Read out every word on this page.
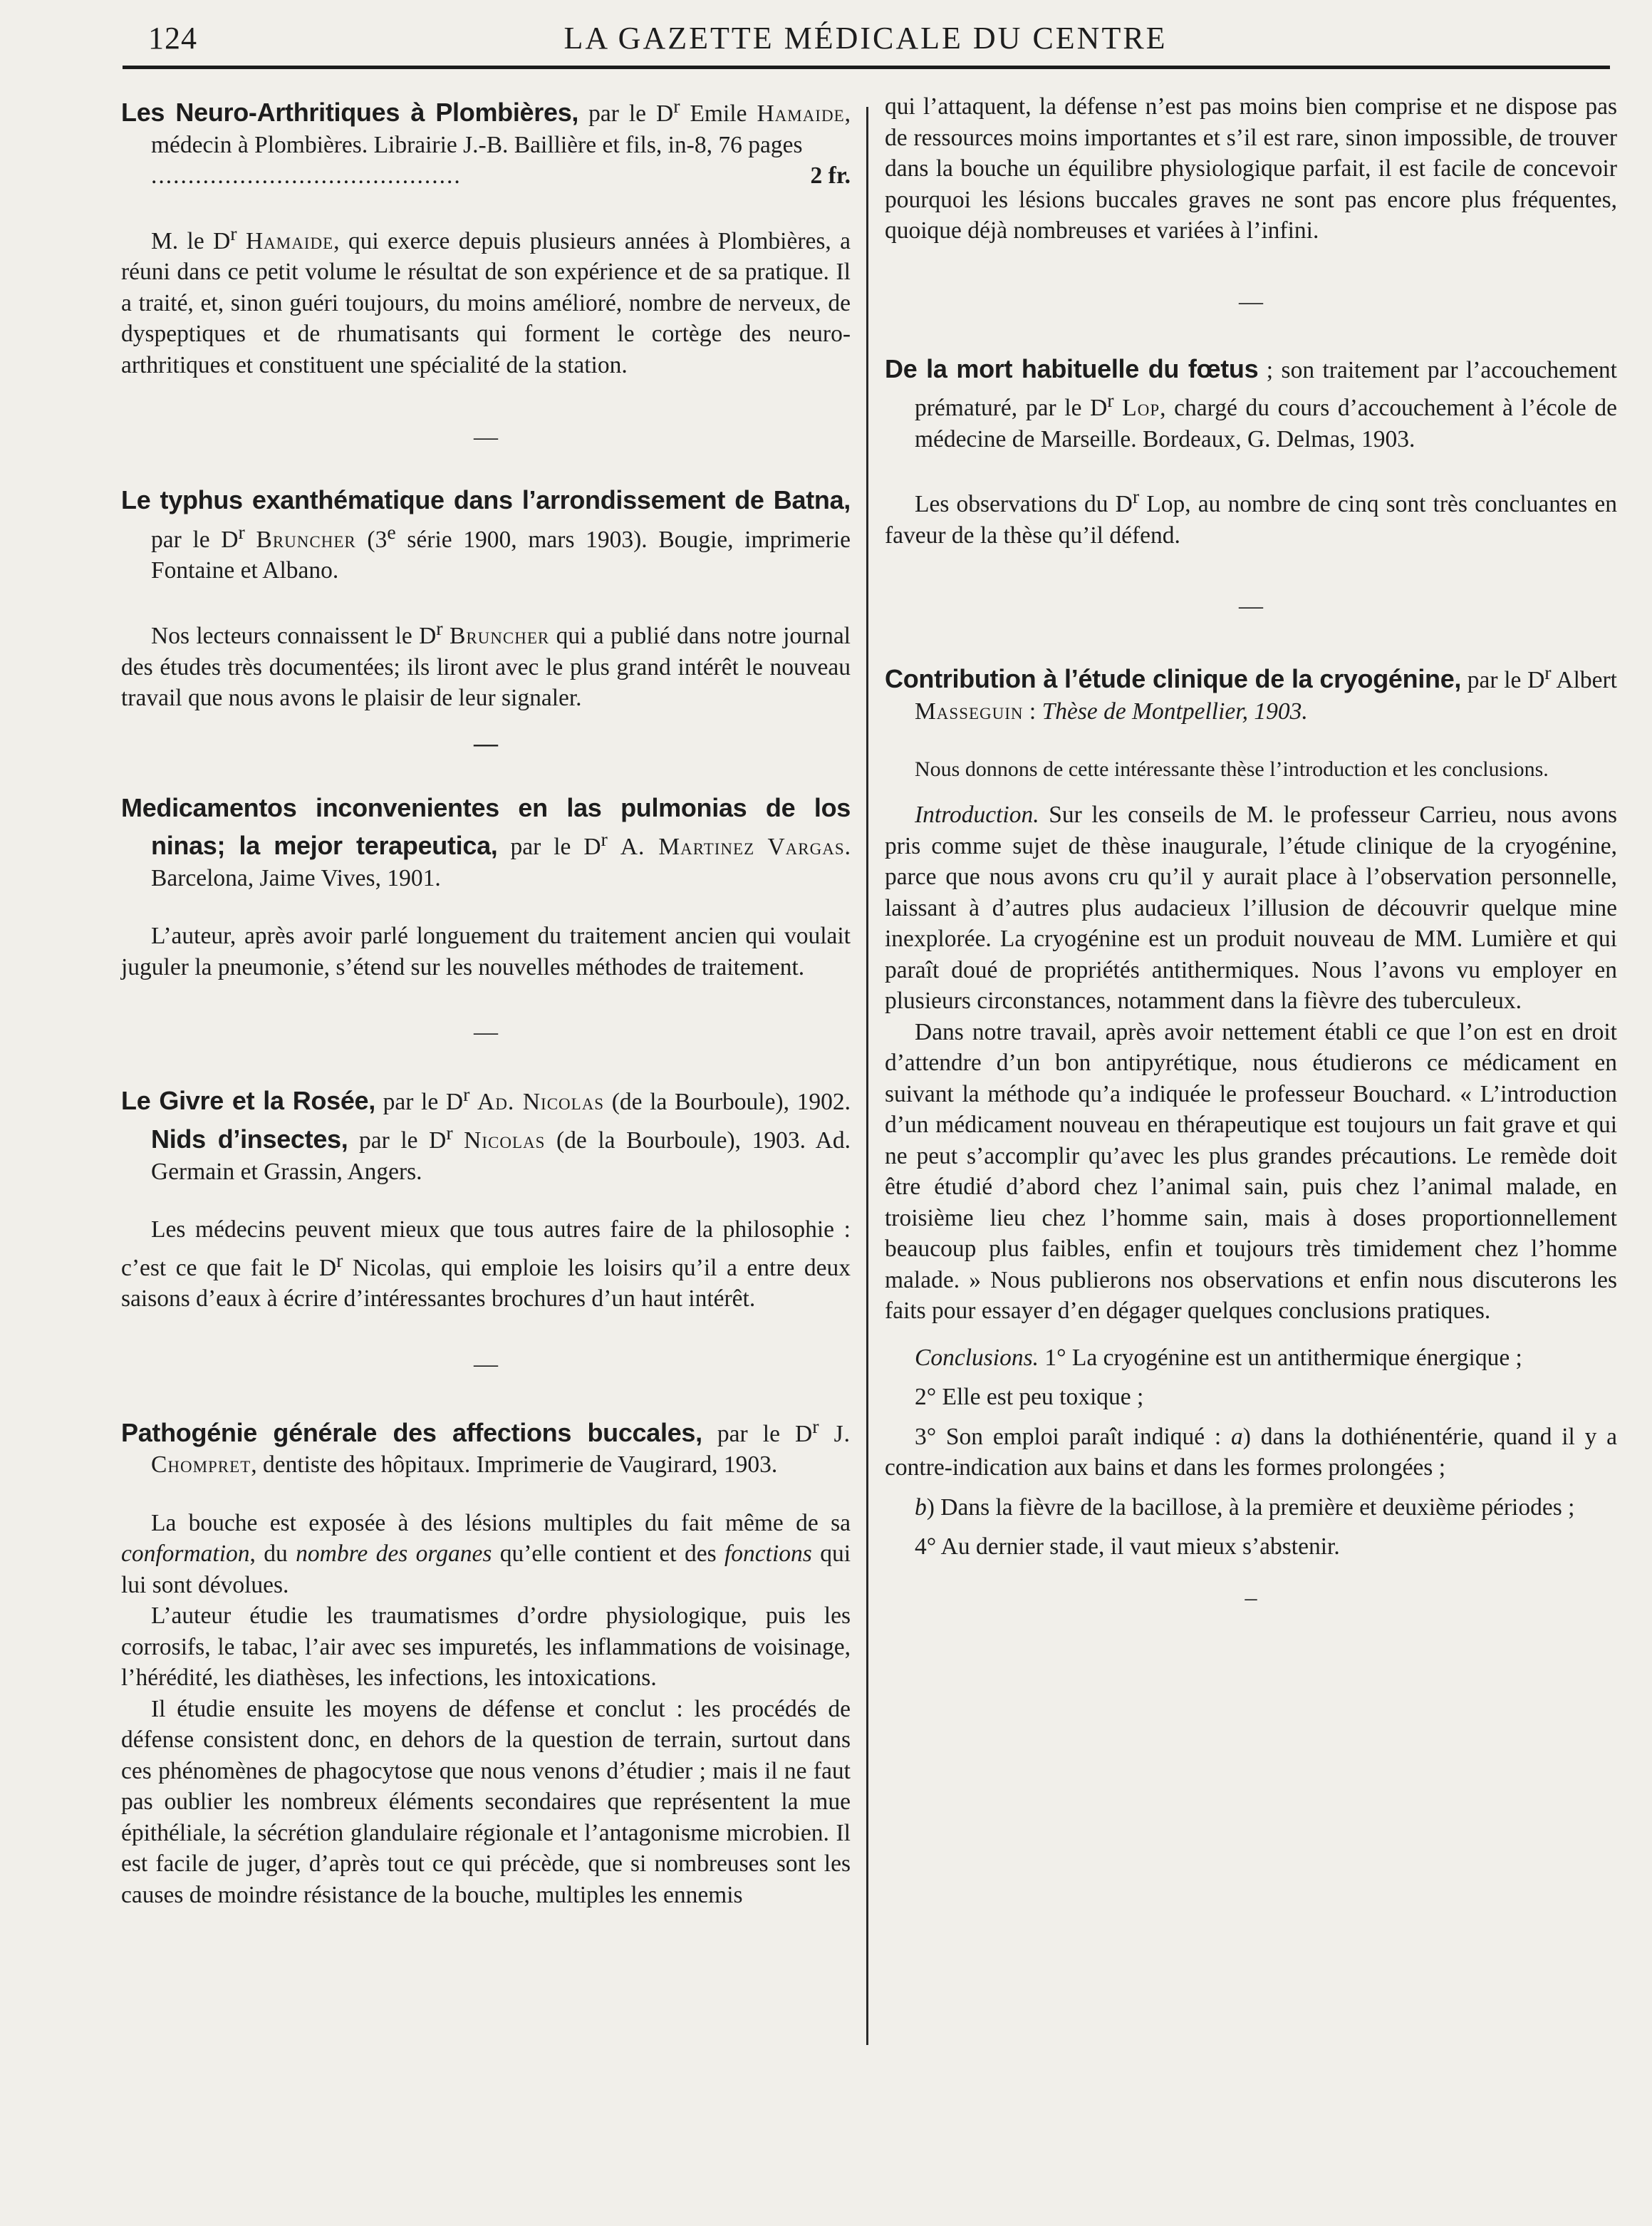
124	LA GAZETTE MÉDICALE DU CENTRE

Les Neuro-Arthritiques à Plombières, par le $D^r$ Emile Hamaide, médecin à Plombières. Librairie J.-B. Baillière et fils, in-8, 76 pages

..........................................	2 fr.

M. le $D^r$ Hamaide, qui exerce depuis plusieurs années à Plombières, a réuni dans ce petit volume le résultat de son expérience et de sa pratique. Il a traité, et, sinon guéri toujours, du moins amélioré, nombre de nerveux, de dyspeptiques et de rhumatisants qui forment le cortège des neuro-arthritiques et constituent une spécialité de la station.

—

Le typhus exanthématique dans l’arrondissement de Batna, par le $D^r$ Bruncher (3e série 1900, mars 1903). Bougie, imprimerie Fontaine et Albano.

Nos lecteurs connaissent le $D^r$ Bruncher qui a publié dans notre journal des études très documentées; ils liront avec le plus grand intérêt le nouveau travail que nous avons le plaisir de leur signaler.

—

Medicamentos inconvenientes en las pulmonias de los ninas; la mejor terapeutica, par le $D^r$ A. Martinez Vargas. Barcelona, Jaime Vives, 1901.

L’auteur, après avoir parlé longuement du traitement ancien qui voulait juguler la pneumonie, s’étend sur les nouvelles méthodes de traitement.

—

Le Givre et la Rosée, par le $D^r$ Ad. Nicolas (de la Bourboule), 1902. Nids d’insectes, par le $D^r$ Nicolas (de la Bourboule), 1903. Ad. Germain et Grassin, Angers.

Les médecins peuvent mieux que tous autres faire de la philosophie : c’est ce que fait le $D^r$ Nicolas, qui emploie les loisirs qu’il a entre deux saisons d’eaux à écrire d’intéressantes brochures d’un haut intérêt.

—

Pathogénie générale des affections buccales, par le $D^r$ J. Chompret, dentiste des hôpitaux. Imprimerie de Vaugirard, 1903.

La bouche est exposée à des lésions multiples du fait même de sa conformation, du nombre des organes qu’elle contient et des fonctions qui lui sont dévolues.

L’auteur étudie les traumatismes d’ordre physiologique, puis les corrosifs, le tabac, l’air avec ses impuretés, les inflammations de voisinage, l’hérédité, les diathèses, les infections, les intoxications.

Il étudie ensuite les moyens de défense et conclut : les procédés de défense consistent donc, en dehors de la question de terrain, surtout dans ces phénomènes de phagocytose que nous venons d’étudier ; mais il ne faut pas oublier les nombreux éléments secondaires que représentent la mue épithéliale, la sécrétion glandulaire régionale et l’antagonisme microbien. Il est facile de juger, d’après tout ce qui précède, que si nombreuses sont les causes de moindre résistance de la bouche, multiples les ennemis

qui l’attaquent, la défense n’est pas moins bien comprise et ne dispose pas de ressources moins importantes et s’il est rare, sinon impossible, de trouver dans la bouche un équilibre physiologique parfait, il est facile de concevoir pourquoi les lésions buccales graves ne sont pas encore plus fréquentes, quoique déjà nombreuses et variées à l’infini.

—

De la mort habituelle du fœtus ; son traitement par l’accouchement prématuré, par le $D^r$ Lop, chargé du cours d’accouchement à l’école de médecine de Marseille. Bordeaux, G. Delmas, 1903.

Les observations du $D^r$ Lop, au nombre de cinq sont très concluantes en faveur de la thèse qu’il défend.

—

Contribution à l’étude clinique de la cryogénine, par le $D^r$ Albert Masseguin : Thèse de Montpellier, 1903.

Nous donnons de cette intéressante thèse l’introduction et les conclusions.

Introduction. Sur les conseils de M. le professeur Carrieu, nous avons pris comme sujet de thèse inaugurale, l’étude clinique de la cryogénine, parce que nous avons cru qu’il y aurait place à l’observation personnelle, laissant à d’autres plus audacieux l’illusion de découvrir quelque mine inexplorée. La cryogénine est un produit nouveau de MM. Lumière et qui paraît doué de propriétés antithermiques. Nous l’avons vu employer en plusieurs circonstances, notamment dans la fièvre des tuberculeux.

Dans notre travail, après avoir nettement établi ce que l’on est en droit d’attendre d’un bon antipyrétique, nous étudierons ce médicament en suivant la méthode qu’a indiquée le professeur Bouchard. « L’introduction d’un médicament nouveau en thérapeutique est toujours un fait grave et qui ne peut s’accomplir qu’avec les plus grandes précautions. Le remède doit être étudié d’abord chez l’animal sain, puis chez l’animal malade, en troisième lieu chez l’homme sain, mais à doses proportionnellement beaucoup plus faibles, enfin et toujours très timidement chez l’homme malade. » Nous publierons nos observations et enfin nous discuterons les faits pour essayer d’en dégager quelques conclusions pratiques.

Conclusions. 1° La cryogénine est un antithermique énergique ;

2° Elle est peu toxique ;

3° Son emploi paraît indiqué : a) dans la dothiénentérie, quand il y a contre-indication aux bains et dans les formes prolongées ;

b) Dans la fièvre de la bacillose, à la première et deuxième périodes ;

4° Au dernier stade, il vaut mieux s’abstenir.

–
